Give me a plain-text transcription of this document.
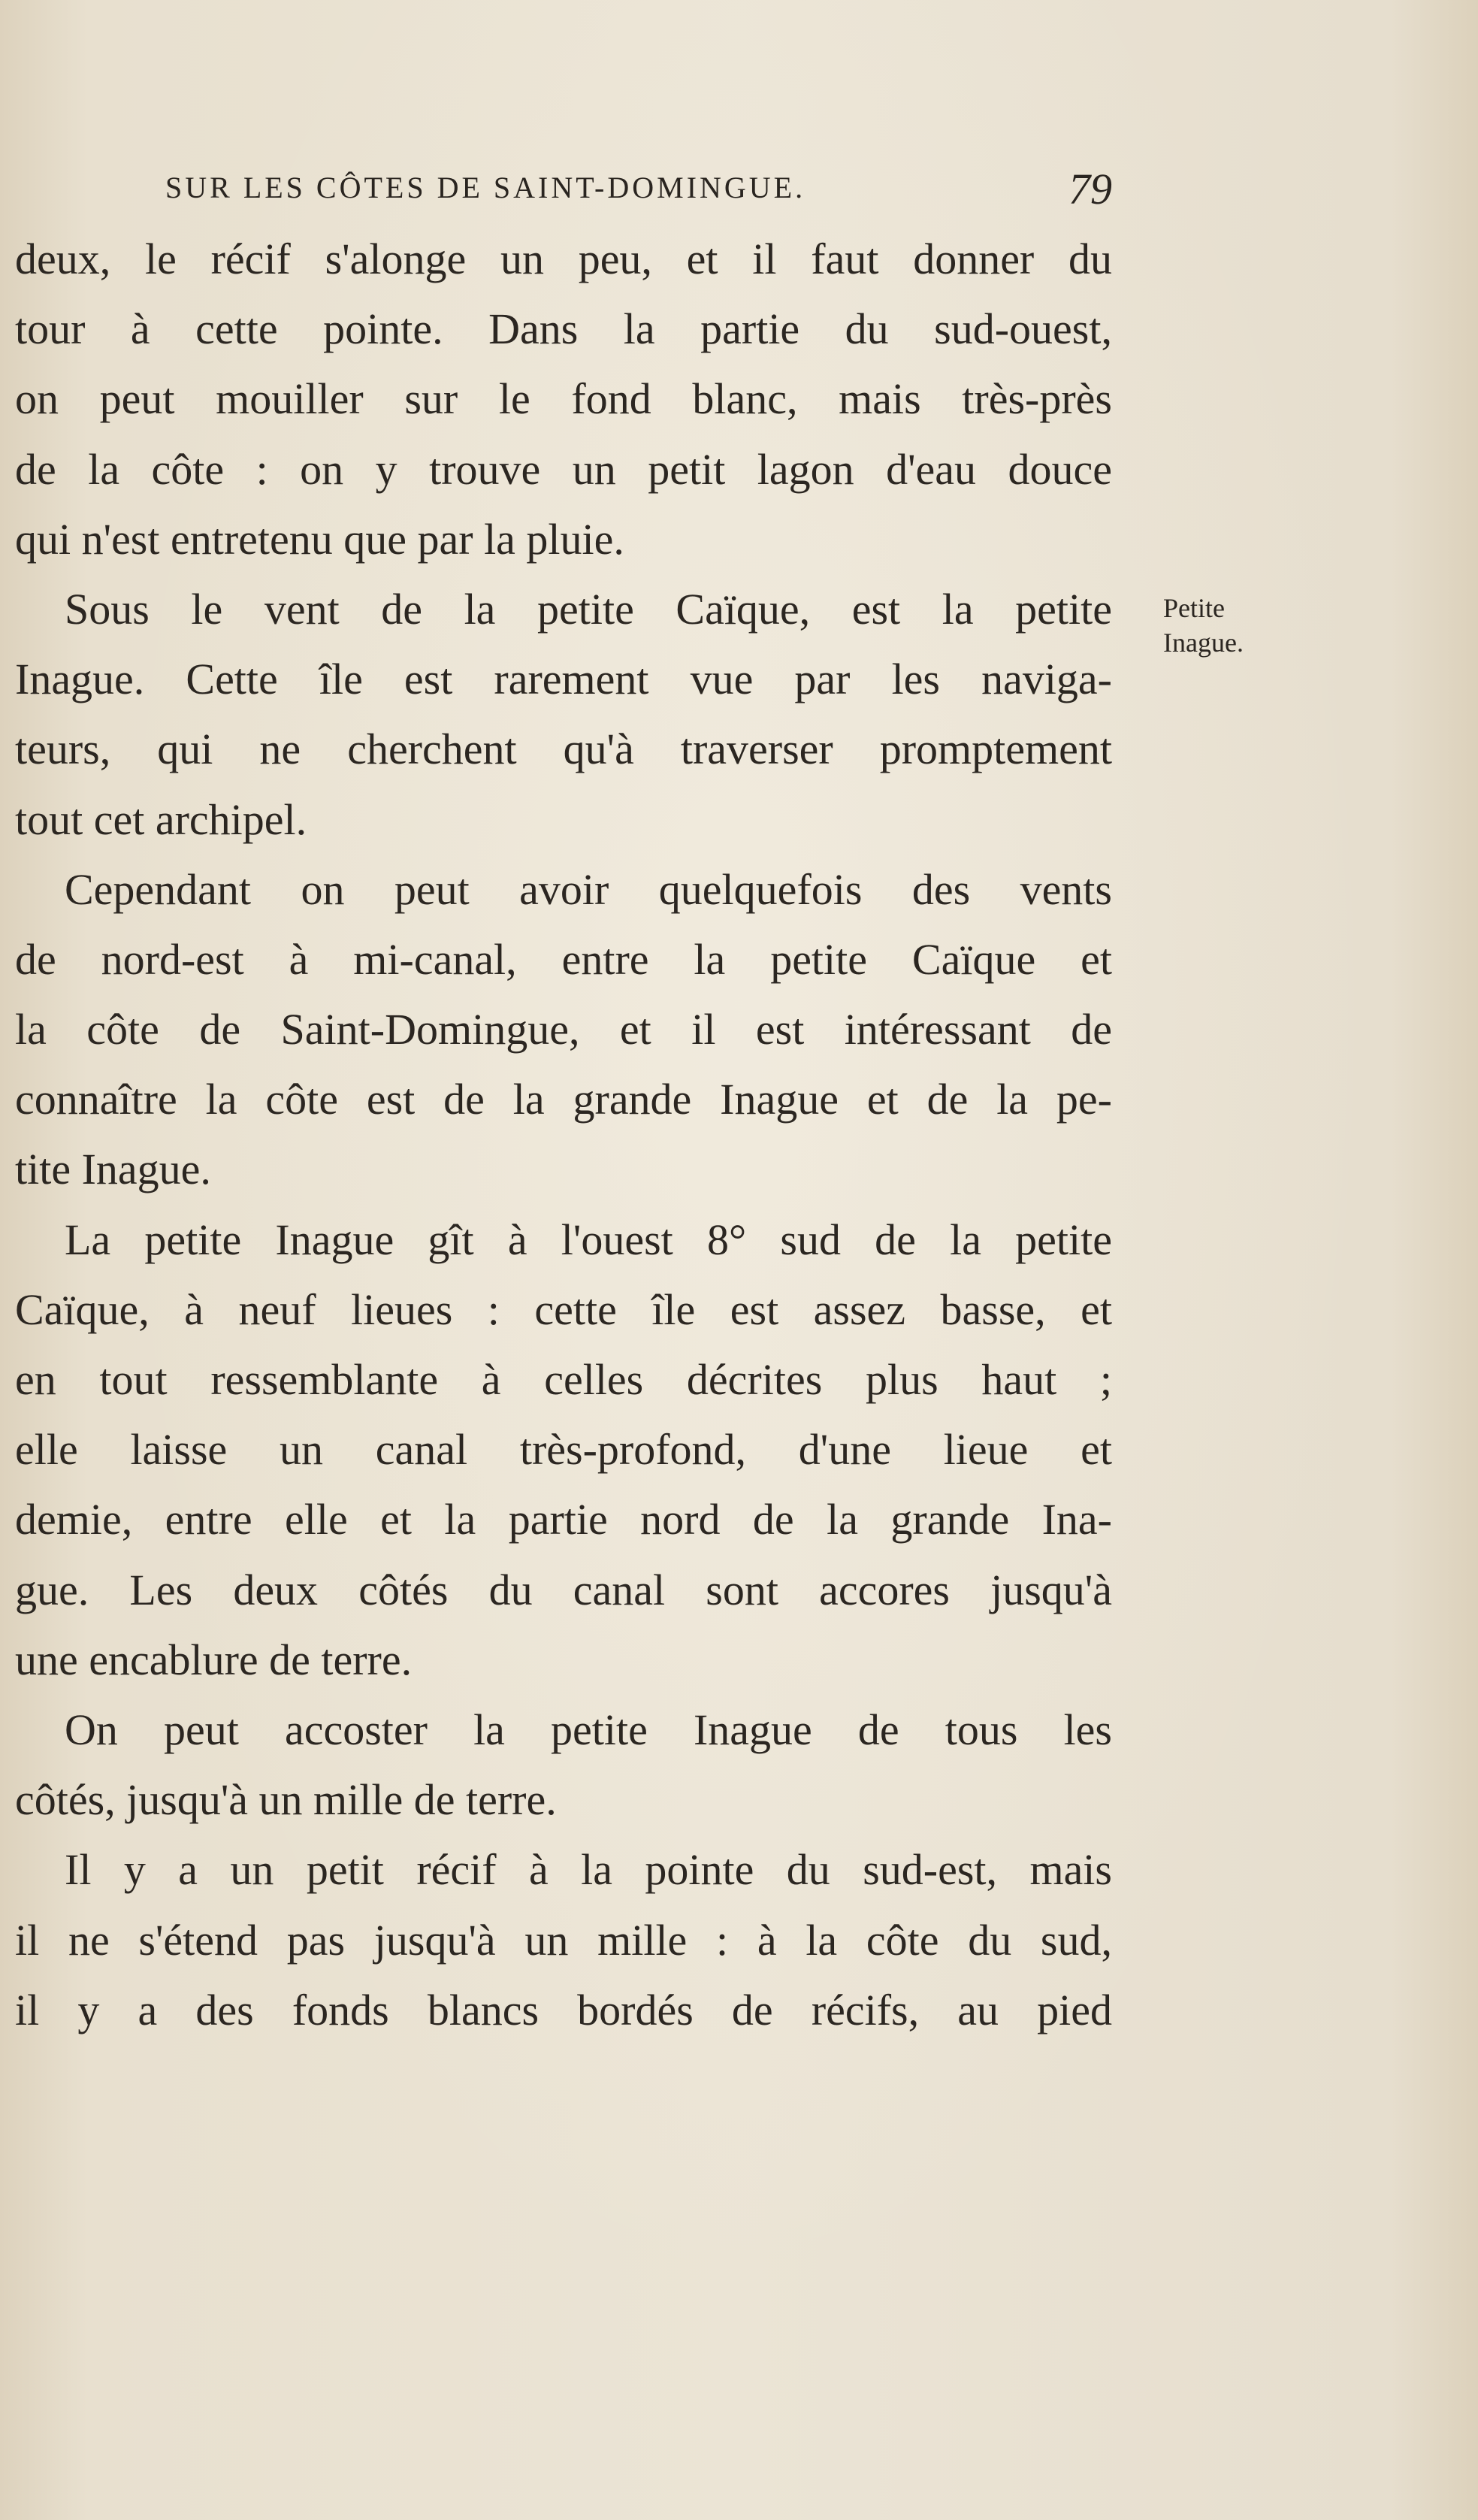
SUR LES CÔTES DE SAINT-DOMINGUE.	79
Petite
Inague.
deux, le récif s'alonge un peu, et il faut donner du
tour à cette pointe. Dans la partie du sud-ouest,
on peut mouiller sur le fond blanc, mais très-près
de la côte : on y trouve un petit lagon d'eau douce
qui n'est entretenu que par la pluie.
Sous le vent de la petite Caïque, est la petite
Inague. Cette île est rarement vue par les naviga-
teurs, qui ne cherchent qu'à traverser promptement
tout cet archipel.
Cependant on peut avoir quelquefois des vents
de nord-est à mi-canal, entre la petite Caïque et
la côte de Saint-Domingue, et il est intéressant de
connaître la côte est de la grande Inague et de la pe-
tite Inague.
La petite Inague gît à l'ouest 8° sud de la petite
Caïque, à neuf lieues : cette île est assez basse, et
en tout ressemblante à celles décrites plus haut ;
elle laisse un canal très-profond, d'une lieue et
demie, entre elle et la partie nord de la grande Ina-
gue. Les deux côtés du canal sont accores jusqu'à
une encablure de terre.
On peut accoster la petite Inague de tous les
côtés, jusqu'à un mille de terre.
Il y a un petit récif à la pointe du sud-est, mais
il ne s'étend pas jusqu'à un mille : à la côte du sud,
il y a des fonds blancs bordés de récifs, au pied
